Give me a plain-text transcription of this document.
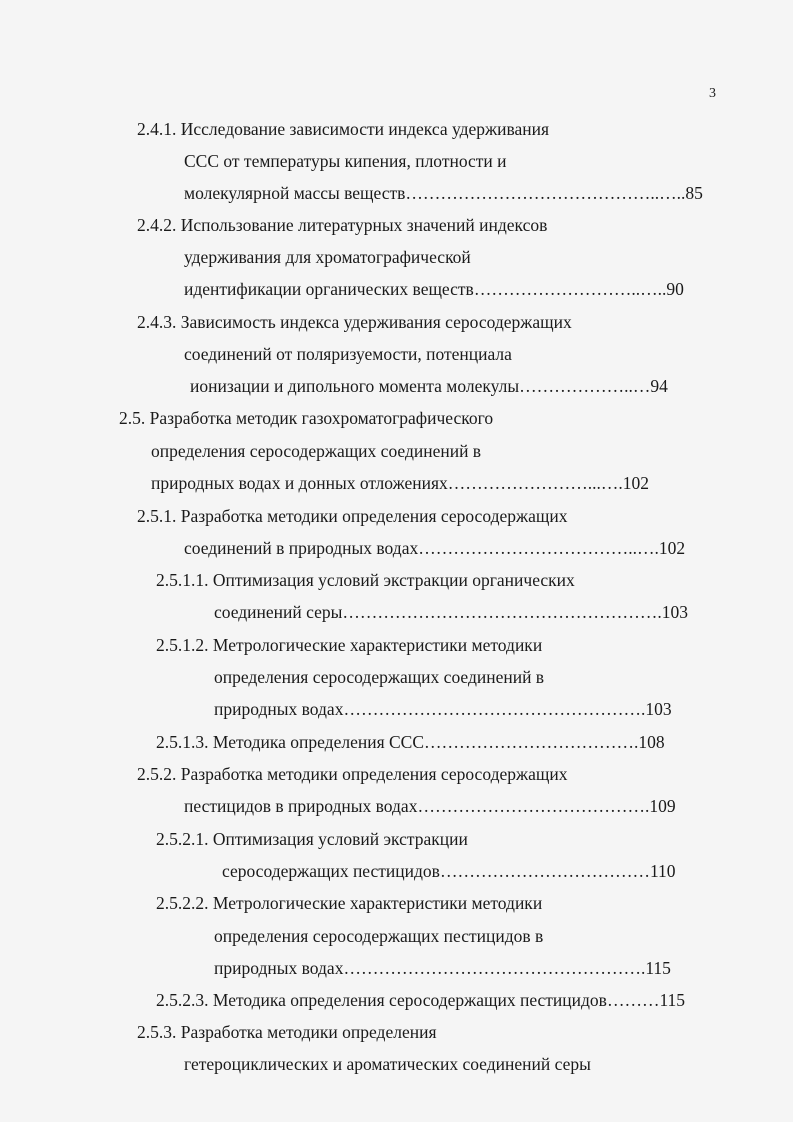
3
2.4.1. Исследование зависимости индекса удерживания
ССС от температуры кипения, плотности и
молекулярной массы веществ……………………………………..…..85
2.4.2. Использование литературных значений индексов
удерживания для хроматографической
идентификации органических веществ………………………..…..90
2.4.3. Зависимость индекса удерживания серосодержащих
соединений от поляризуемости, потенциала
ионизации и дипольного момента молекулы………………..…94
2.5. Разработка методик газохроматографического
определения серосодержащих соединений в
природных водах и донных отложениях……………………...….102
2.5.1. Разработка методики определения серосодержащих
соединений в природных водах………………………………..….102
2.5.1.1. Оптимизация условий экстракции органических
соединений серы……………………………………………….103
2.5.1.2. Метрологические характеристики методики
определения серосодержащих соединений в
природных водах…………………………………………….103
2.5.1.3. Методика определения ССС……………………………….108
2.5.2. Разработка методики определения серосодержащих
пестицидов в природных водах………………………………….109
2.5.2.1. Оптимизация условий экстракции
серосодержащих пестицидов………………………………110
2.5.2.2. Метрологические характеристики методики
определения серосодержащих пестицидов в
природных водах…………………………………………….115
2.5.2.3. Методика определения серосодержащих пестицидов………115
2.5.3. Разработка методики определения
гетероциклических и ароматических соединений серы
